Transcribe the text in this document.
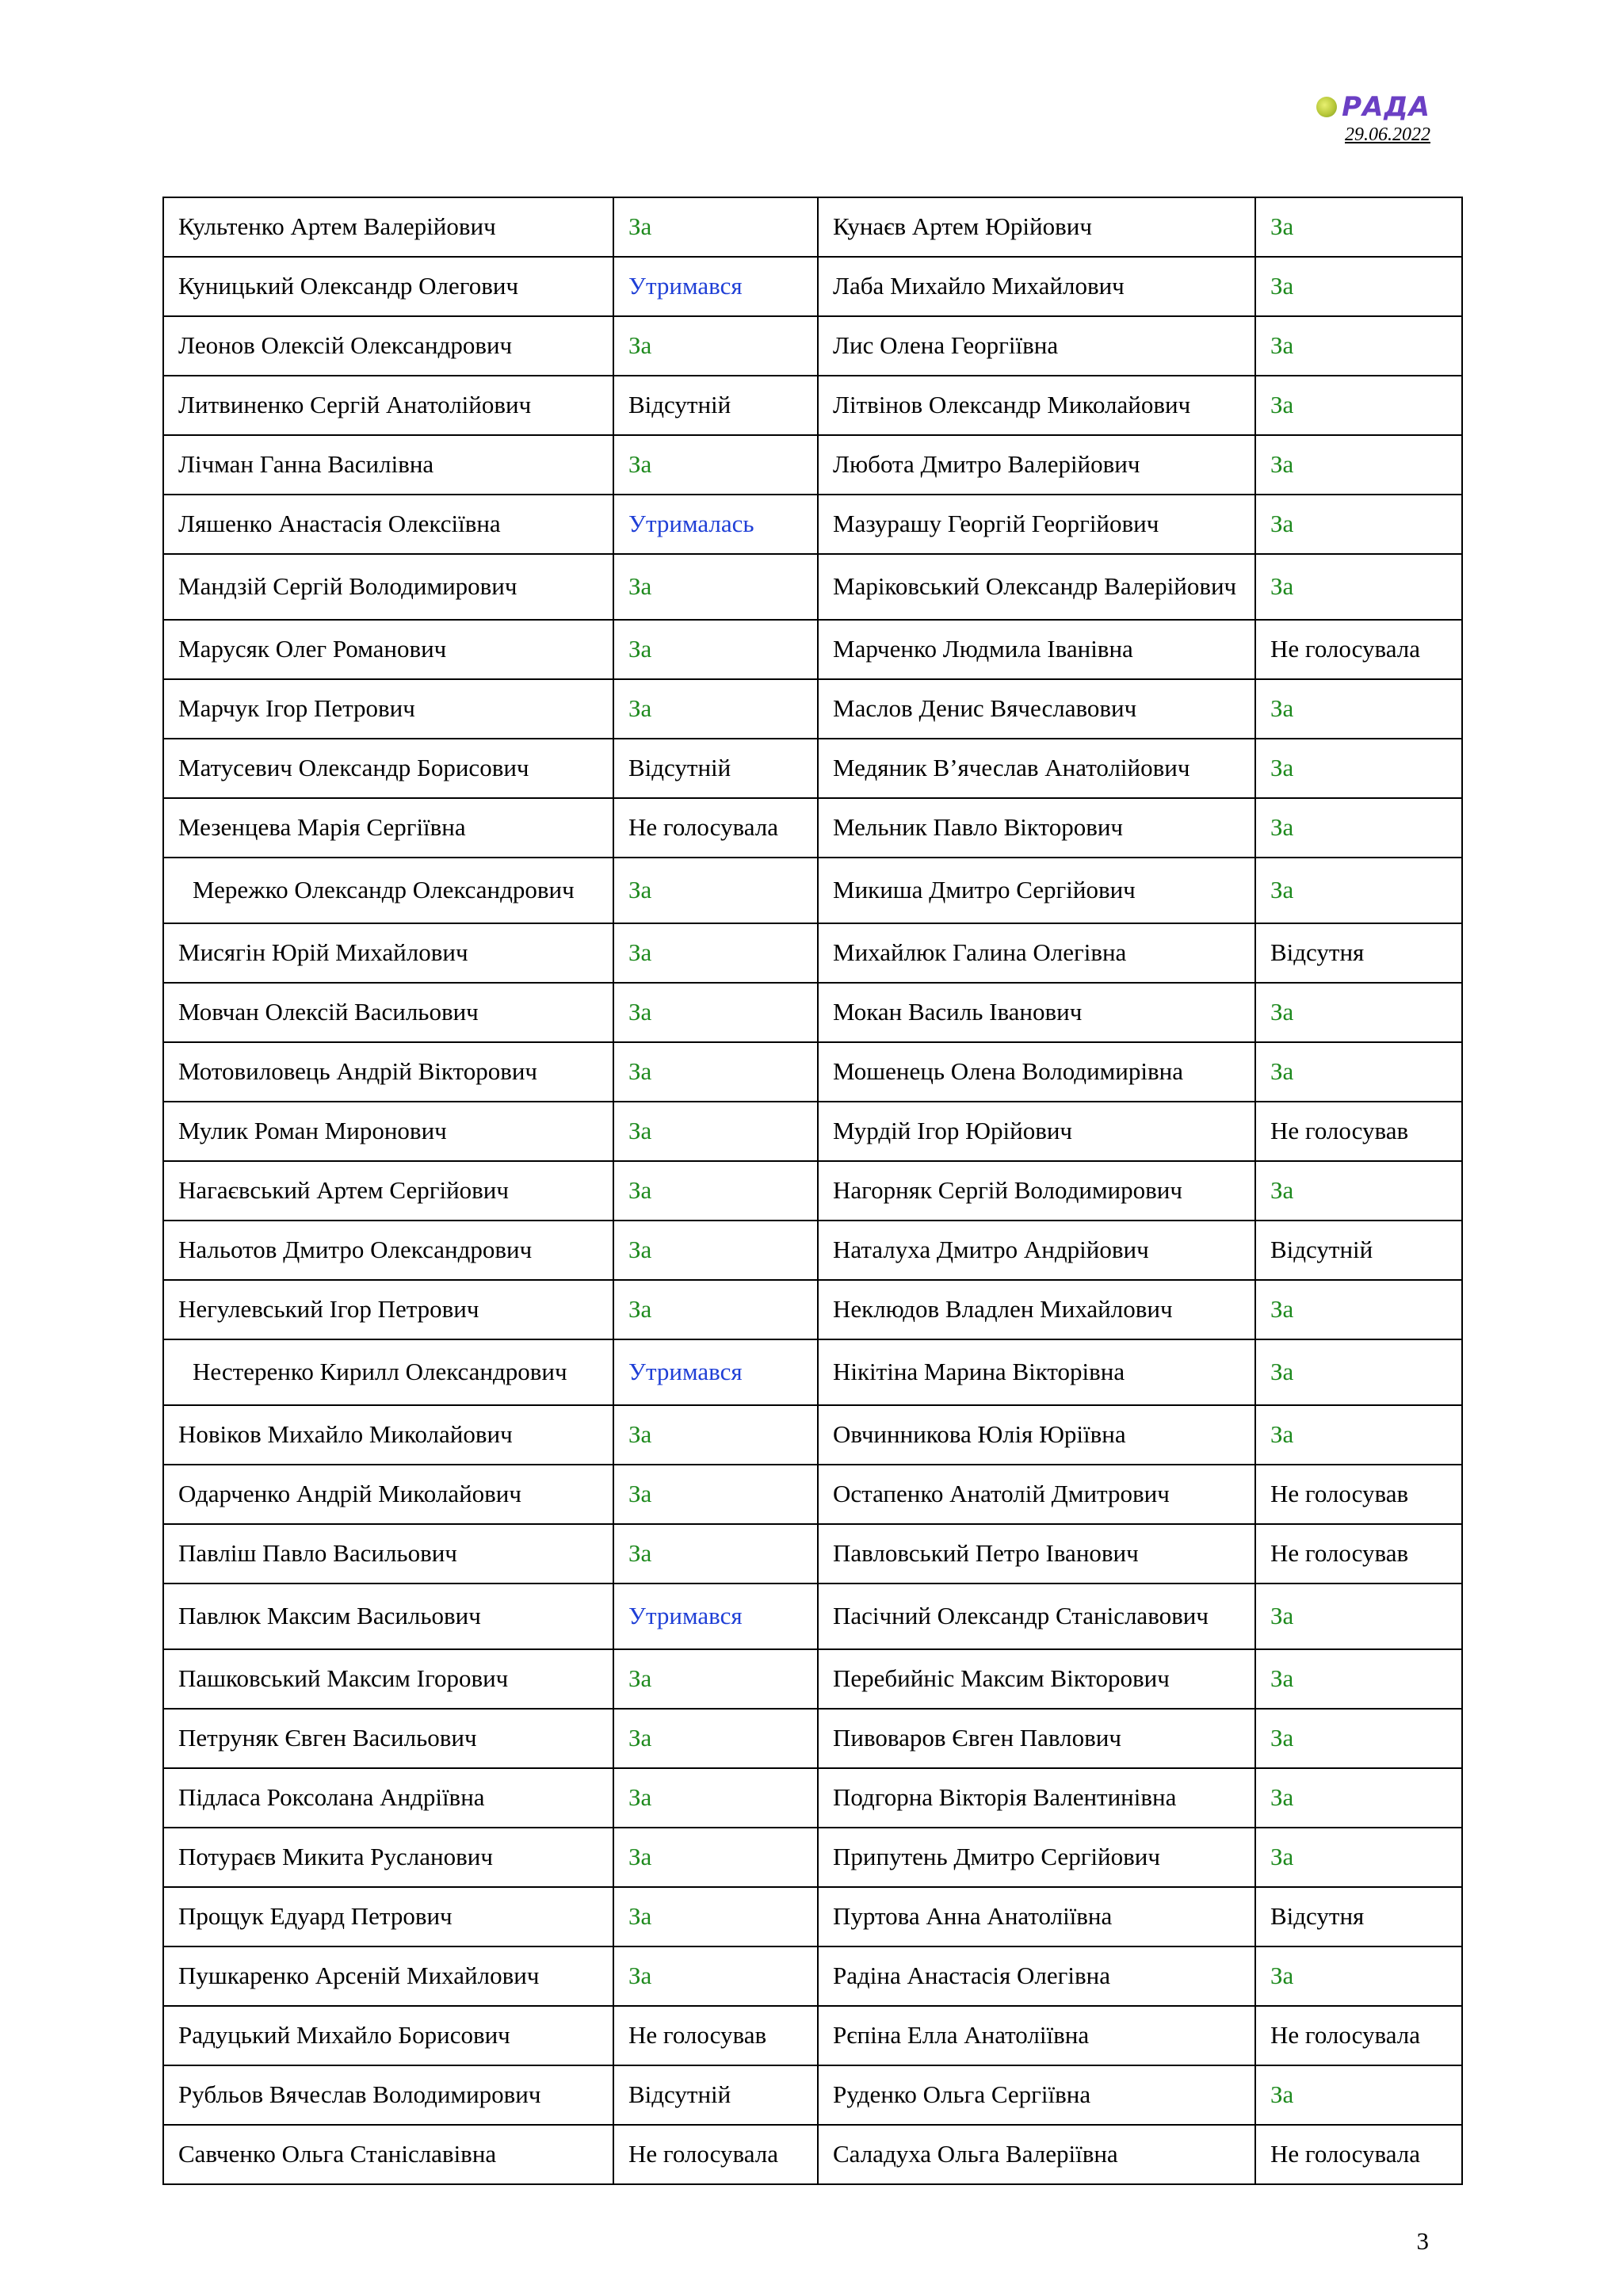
РАДА
29.06.2022
Культенко Артем Валерійович	За	Кунаєв Артем Юрійович	За
Куницький Олександр Олегович	Утримався	Лаба Михайло Михайлович	За
Леонов Олексій Олександрович	За	Лис Олена Георгіївна	За
Литвиненко Сергій Анатолійович	Відсутній	Літвінов Олександр Миколайович	За
Лічман Ганна Василівна	За	Любота Дмитро Валерійович	За
Ляшенко Анастасія Олексіївна	Утрималась	Мазурашу Георгій Георгійович	За
Мандзій Сергій Володимирович	За	Маріковський Олександр Валерійович	За
Марусяк Олег Романович	За	Марченко Людмила Іванівна	Не голосувала
Марчук Ігор Петрович	За	Маслов Денис Вячеславович	За
Матусевич Олександр Борисович	Відсутній	Медяник В’ячеслав Анатолійович	За
Мезенцева Марія Сергіївна	Не голосувала	Мельник Павло Вікторович	За
Мережко Олександр Олександрович	За	Микиша Дмитро Сергійович	За
Мисягін Юрій Михайлович	За	Михайлюк Галина Олегівна	Відсутня
Мовчан Олексій Васильович	За	Мокан Василь Іванович	За
Мотовиловець Андрій Вікторович	За	Мошенець Олена Володимирівна	За
Мулик Роман Миронович	За	Мурдій Ігор Юрійович	Не голосував
Нагаєвський Артем Сергійович	За	Нагорняк Сергій Володимирович	За
Нальотов Дмитро Олександрович	За	Наталуха Дмитро Андрійович	Відсутній
Негулевський Ігор Петрович	За	Неклюдов Владлен Михайлович	За
Нестеренко Кирилл Олександрович	Утримався	Нікітіна Марина Вікторівна	За
Новіков Михайло Миколайович	За	Овчинникова Юлія Юріївна	За
Одарченко Андрій Миколайович	За	Остапенко Анатолій Дмитрович	Не голосував
Павліш Павло Васильович	За	Павловський Петро Іванович	Не голосував
Павлюк Максим Васильович	Утримався	Пасічний Олександр Станіславович	За
Пашковський Максим Ігорович	За	Перебийніс Максим Вікторович	За
Петруняк Євген Васильович	За	Пивоваров Євген Павлович	За
Підласа Роксолана Андріївна	За	Подгорна Вікторія Валентинівна	За
Потураєв Микита Русланович	За	Припутень Дмитро Сергійович	За
Прощук Едуард Петрович	За	Пуртова Анна Анатоліївна	Відсутня
Пушкаренко Арсеній Михайлович	За	Радіна Анастасія Олегівна	За
Радуцький Михайло Борисович	Не голосував	Рєпіна Елла Анатоліївна	Не голосувала
Рубльов Вячеслав Володимирович	Відсутній	Руденко Ольга Сергіївна	За
Савченко Ольга Станіславівна	Не голосувала	Саладуха Ольга Валеріївна	Не голосувала
3
